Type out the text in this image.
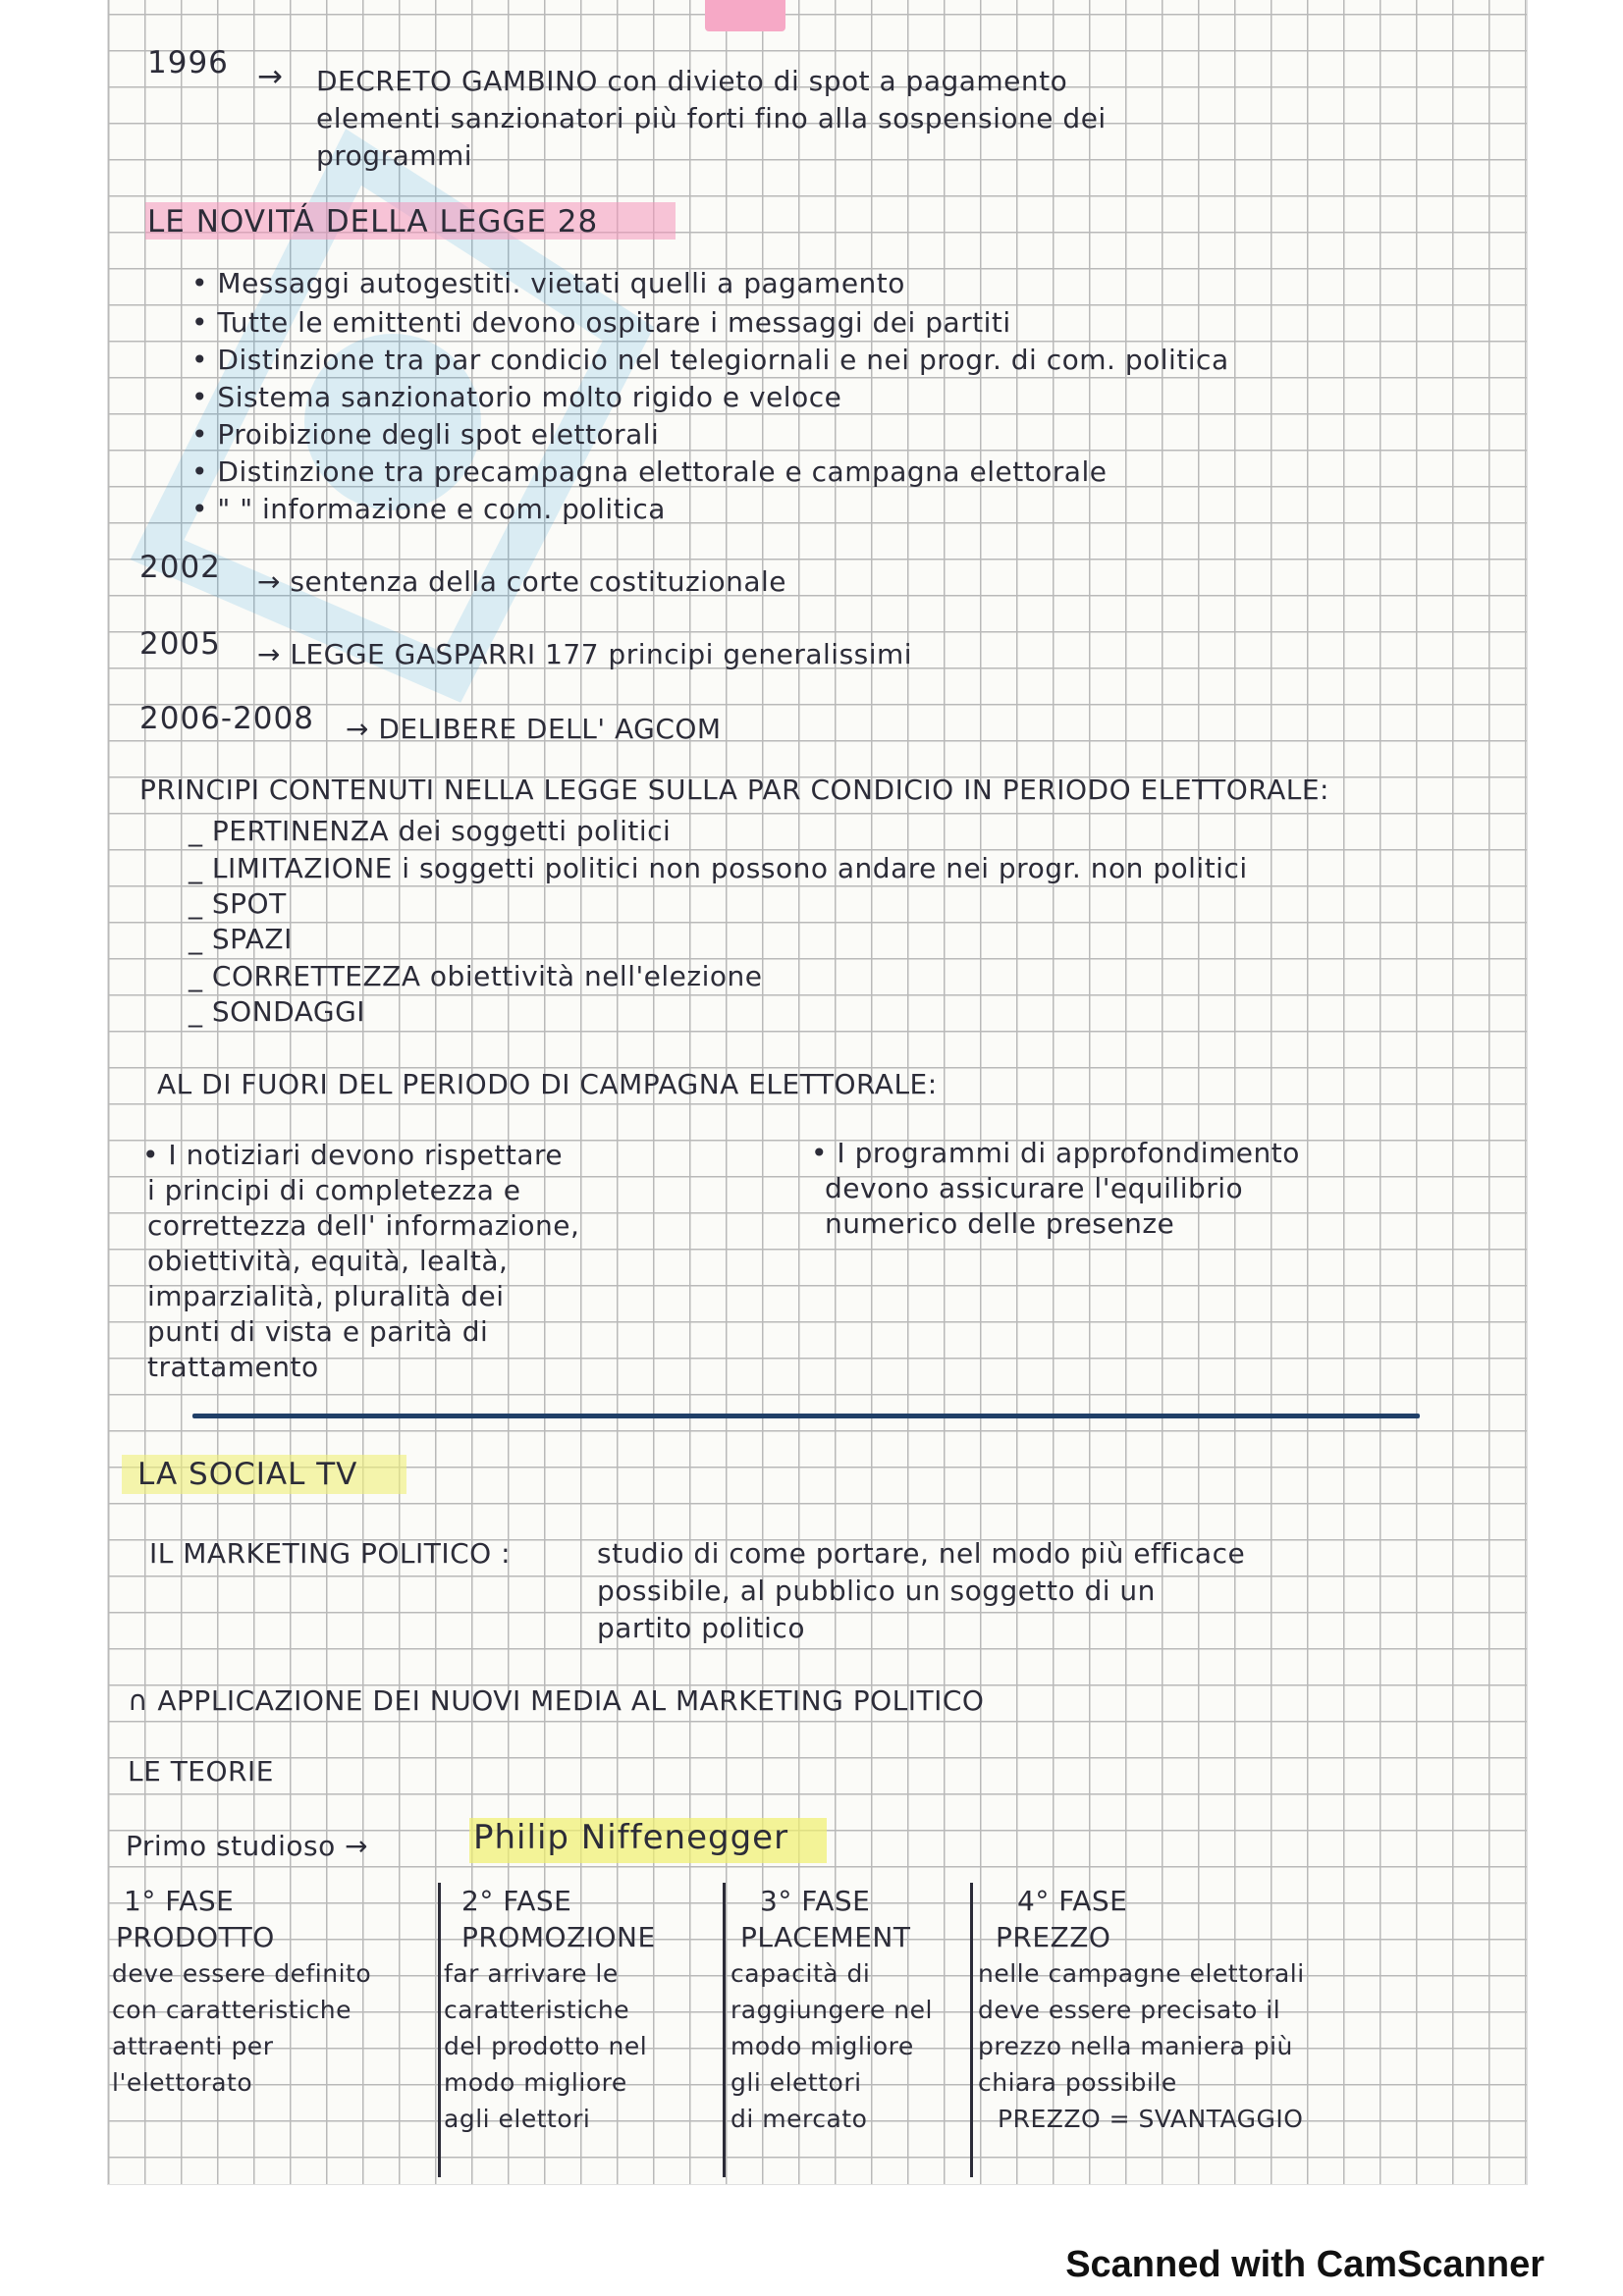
1996 → DECRETO GAMBINO con divieto di spot a pagamento
elementi sanzionatori più forti fino alla sospensione dei
programmi
LE NOVITÁ DELLA LEGGE 28
• Messaggi autogestiti. vietati quelli a pagamento
• Tutte le emittenti devono ospitare i messaggi dei partiti
• Distinzione tra par condicio nel telegiornali e nei progr. di com. politica
• Sistema sanzionatorio molto rigido e veloce
• Proibizione degli spot elettorali
• Distinzione tra precampagna elettorale e campagna elettorale
• " " informazione e com. politica
2002 → sentenza della corte costituzionale
2005 → LEGGE GASPARRI 177 principi generalissimi
2006-2008 → DELIBERE DELL' AGCOM
PRINCIPI CONTENUTI NELLA LEGGE SULLA PAR CONDICIO IN PERIODO ELETTORALE:
_ PERTINENZA dei soggetti politici
_ LIMITAZIONE i soggetti politici non possono andare nei progr. non politici
_ SPOT
_ SPAZI
_ CORRETTEZZA obiettività nell'elezione
_ SONDAGGI
AL DI FUORI DEL PERIODO DI CAMPAGNA ELETTORALE:
• I notiziari devono rispettare
i principi di completezza e
correttezza dell' informazione,
obiettività, equità, lealtà,
imparzialità, pluralità dei
punti di vista e parità di
trattamento
• I programmi di approfondimento
devono assicurare l'equilibrio
numerico delle presenze
LA SOCIAL TV
IL MARKETING POLITICO :	studio di come portare, nel modo più efficace
possibile, al pubblico un soggetto di un
partito politico
∩ APPLICAZIONE DEI NUOVI MEDIA AL MARKETING POLITICO
LE TEORIE
Primo studioso →	Philip Niffenegger
1° FASE
PRODOTTO
deve essere definito
con caratteristiche
attraenti per
l'elettorato
2° FASE
PROMOZIONE
far arrivare le
caratteristiche
del prodotto nel
modo migliore
agli elettori
3° FASE
PLACEMENT
capacità di
raggiungere nel
modo migliore
gli elettori
di mercato
4° FASE
PREZZO
nelle campagne elettorali
deve essere precisato il
prezzo nella maniera più
chiara possibile
PREZZO = SVANTAGGIO
Scanned with CamScanner
